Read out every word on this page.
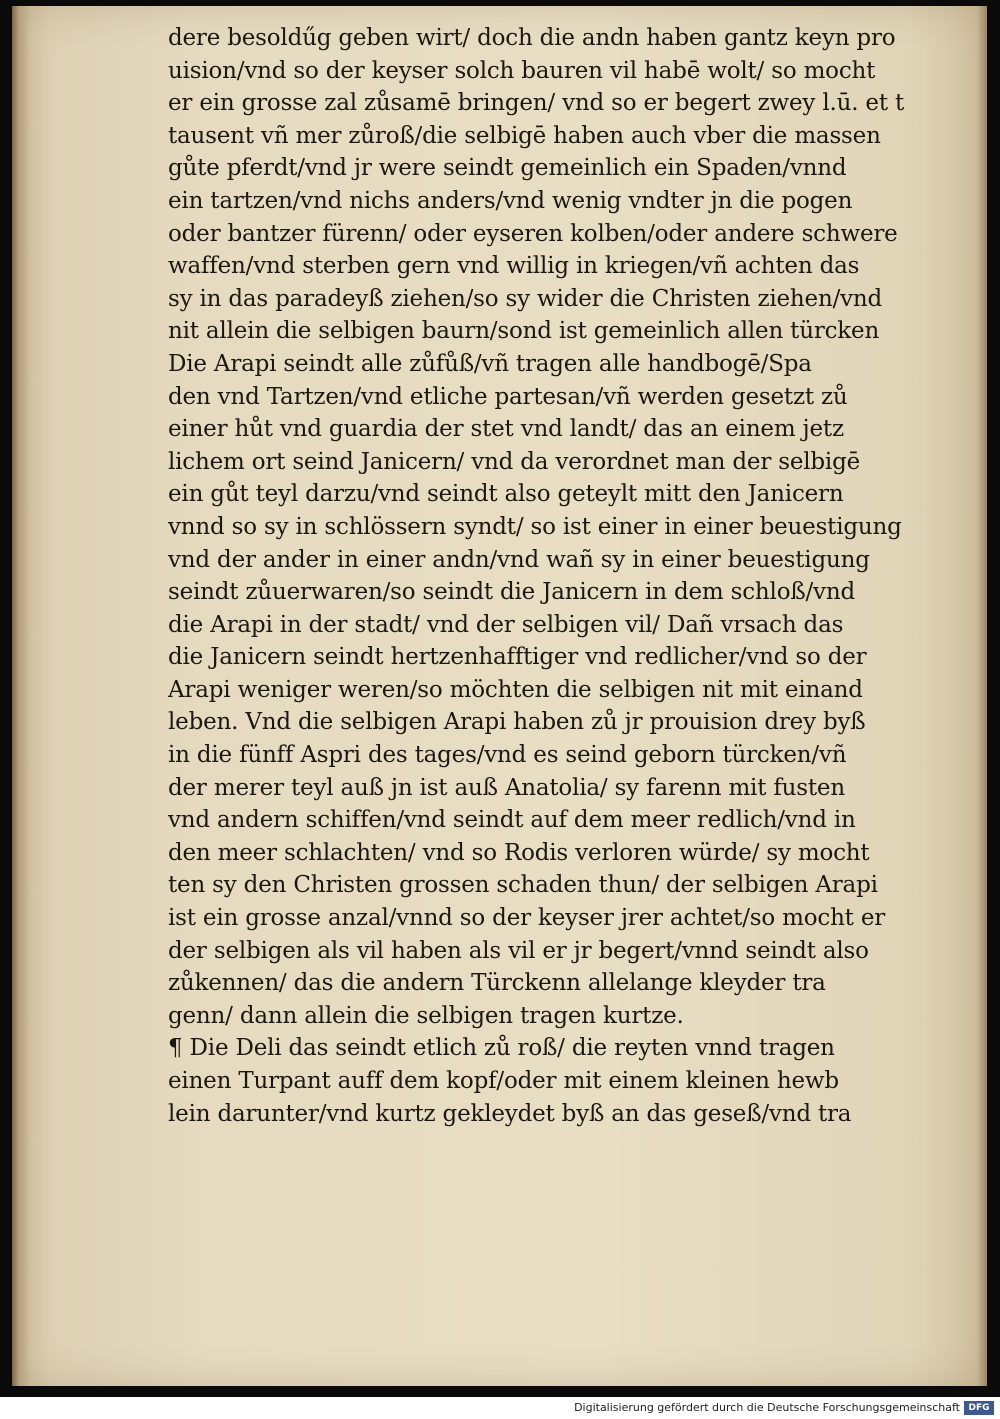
dere besoldűg geben wirt/ doch die andn haben gantz keyn pro
uision/vnd so der keyser solch bauren vil habē wolt/ so mocht
er ein grosse zal zůsamē bringen/ vnd so er begert zwey l.ū. et t
tausent vñ mer zůroß/die selbigē haben auch vber die massen
gůte pferdt/vnd jr were seindt gemeinlich ein Spaden/vnnd
ein tartzen/vnd nichs anders/vnd wenig vndter jn die pogen
oder bantzer fürenn/ oder eyseren kolben/oder andere schwere
waffen/vnd sterben gern vnd willig in kriegen/vñ achten das
sy in das paradeyß ziehen/so sy wider die Christen ziehen/vnd
nit allein die selbigen baurn/sond ist gemeinlich allen türcken
Die Arapi seindt alle zůfůß/vñ tragen alle handbogē/Spa
den vnd Tartzen/vnd etliche partesan/vñ werden gesetzt zů
einer hůt vnd guardia der stet vnd landt/ das an einem jetz
lichem ort seind Janicern/ vnd da verordnet man der selbigē
ein gůt teyl darzu/vnd seindt also geteylt mitt den Janicern
vnnd so sy in schlössern syndt/ so ist einer in einer beuestigung
vnd der ander in einer andn/vnd wañ sy in einer beuestigung
seindt zůuerwaren/so seindt die Janicern in dem schloß/vnd
die Arapi in der stadt/ vnd der selbigen vil/ Dañ vrsach das
die Janicern seindt hertzenhafftiger vnd redlicher/vnd so der
Arapi weniger weren/so möchten die selbigen nit mit einand
leben. Vnd die selbigen Arapi haben zů jr prouision drey byß
in die fünff Aspri des tages/vnd es seind geborn türcken/vñ
der merer teyl auß jn ist auß Anatolia/ sy farenn mit fusten
vnd andern schiffen/vnd seindt auf dem meer redlich/vnd in
den meer schlachten/ vnd so Rodis verloren würde/ sy mocht
ten sy den Christen grossen schaden thun/ der selbigen Arapi
ist ein grosse anzal/vnnd so der keyser jrer achtet/so mocht er
der selbigen als vil haben als vil er jr begert/vnnd seindt also
zůkennen/ das die andern Türckenn allelange kleyder tra
genn/ dann allein die selbigen tragen kurtze.
¶ Die Deli das seindt etlich zů roß/ die reyten vnnd tragen
einen Turpant auff dem kopf/oder mit einem kleinen hewb
lein darunter/vnd kurtz gekleydet byß an das geseß/vnd tra
Digitalisierung gefördert durch die Deutsche Forschungsgemeinschaft DFG
